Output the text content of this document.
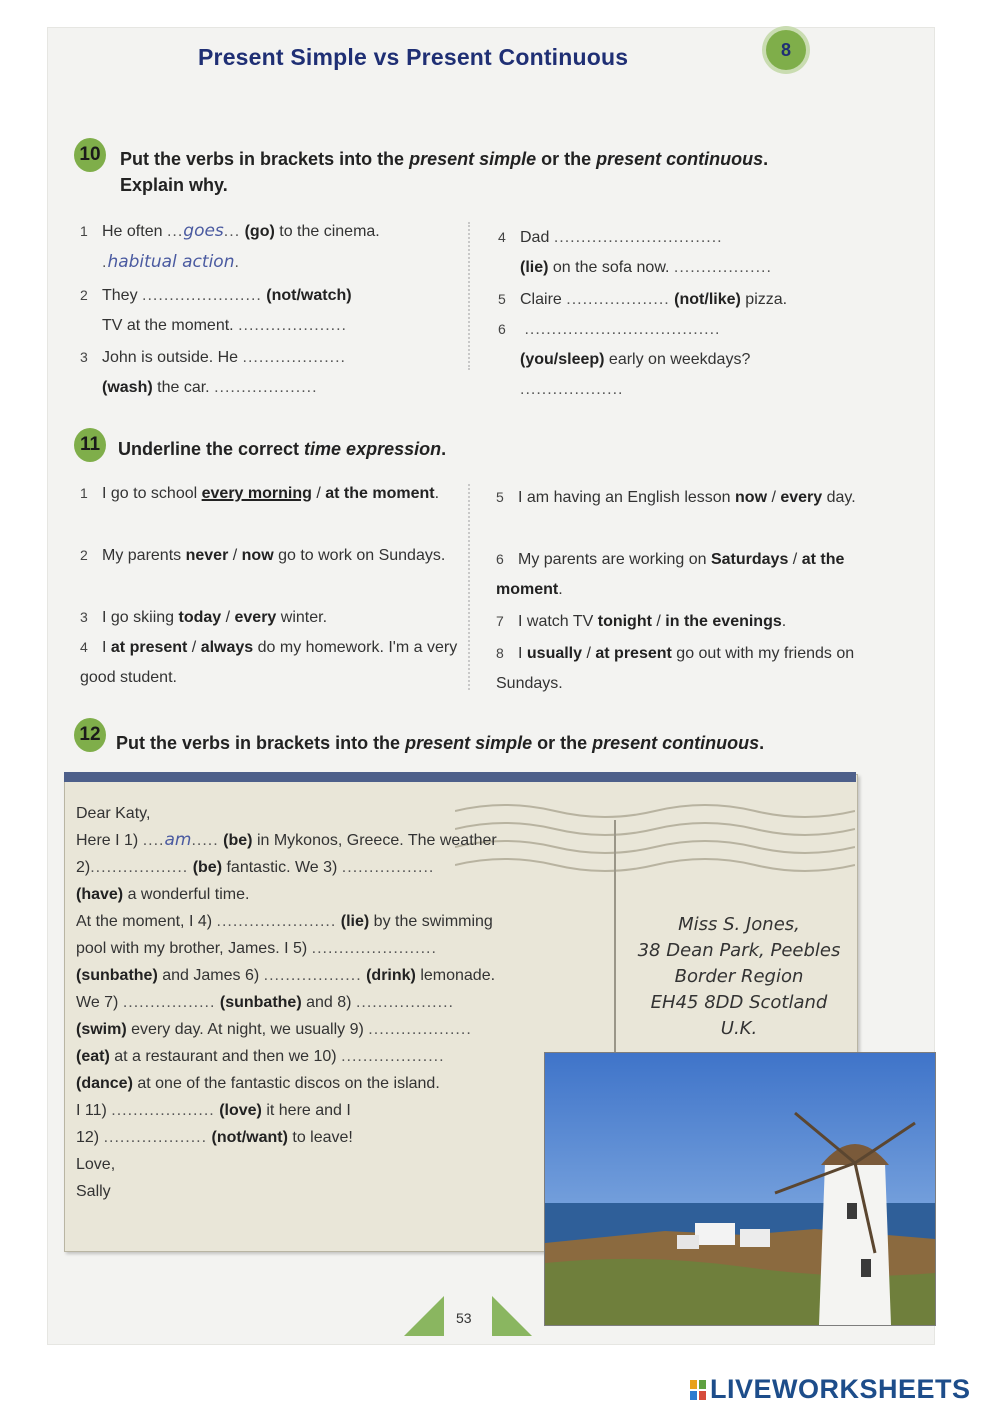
Present Simple vs Present Continuous	8
10	Put the verbs in brackets into the present simple or the present continuous.
Explain why.
1 He often ...goes... (go) to the cinema.
.habitual action.
2 They ...................... (not/watch)
TV at the moment. ....................
3 John is outside. He ...................
(wash) the car. ...................
4 Dad ...............................
(lie) on the sofa now. ..................
5 Claire ................... (not/like) pizza.
6 ....................................
(you/sleep) early on weekdays?
...................
11 Underline the correct time expression.
1 I go to school every morning / at the moment.
2 My parents never / now go to work on Sundays.
3 I go skiing today / every winter.
4 I at present / always do my homework. I'm a very good student.
5 I am having an English lesson now / every day.
6 My parents are working on Saturdays / at the moment.
7 I watch TV tonight / in the evenings.
8 I usually / at present go out with my friends on Sundays.
12 Put the verbs in brackets into the present simple or the present continuous.
Dear Katy,
Here I 1) ....am..... (be) in Mykonos, Greece. The weather
2).................. (be) fantastic. We 3) .................
(have) a wonderful time.
At the moment, I 4) ...................... (lie) by the swimming
pool with my brother, James. I 5) .......................
(sunbathe) and James 6) .................. (drink) lemonade.
We 7) ................. (sunbathe) and 8) ..................
(swim) every day. At night, we usually 9) ...................
(eat) at a restaurant and then we 10) ...................
(dance) at one of the fantastic discos on the island.
I 11) ................... (love) it here and I
12) ................... (not/want) to leave!
Love,
Sally
Miss S. Jones,
38 Dean Park, Peebles
Border Region
EH45 8DD Scotland
U.K.
53
LIVEWORKSHEETS
